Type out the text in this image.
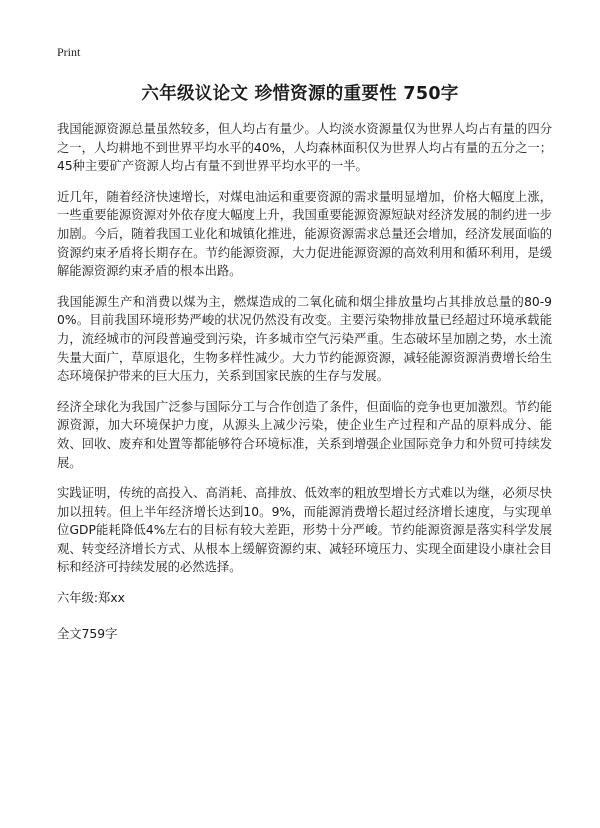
Print
六年级议论文 珍惜资源的重要性 750字

我国能源资源总量虽然较多，但人均占有量少。人均淡水资源量仅为世界人均占有量的四分之一，人均耕地不到世界平均水平的40%，人均森林面积仅为世界人均占有量的五分之一；45种主要矿产资源人均占有量不到世界平均水平的一半。

近几年，随着经济快速增长，对煤电油运和重要资源的需求量明显增加，价格大幅度上涨，一些重要能源资源对外依存度大幅度上升，我国重要能源资源短缺对经济发展的制约进一步加剧。今后，随着我国工业化和城镇化推进，能源资源需求总量还会增加，经济发展面临的资源约束矛盾将长期存在。节约能源资源，大力促进能源资源的高效利用和循环利用，是缓解能源资源约束矛盾的根本出路。

我国能源生产和消费以煤为主，燃煤造成的二氧化硫和烟尘排放量均占其排放总量的80-90%。目前我国环境形势严峻的状况仍然没有改变。主要污染物排放量已经超过环境承载能力，流经城市的河段普遍受到污染，许多城市空气污染严重。生态破坏呈加剧之势，水土流失量大面广，草原退化，生物多样性减少。大力节约能源资源，减轻能源资源消费增长给生态环境保护带来的巨大压力，关系到国家民族的生存与发展。

经济全球化为我国广泛参与国际分工与合作创造了条件，但面临的竞争也更加激烈。节约能源资源，加大环境保护力度，从源头上减少污染，使企业生产过程和产品的原料成分、能效、回收、废弃和处置等都能够符合环境标准，关系到增强企业国际竞争力和外贸可持续发展。

实践证明，传统的高投入、高消耗、高排放、低效率的粗放型增长方式难以为继，必须尽快加以扭转。但上半年经济增长达到10。9%，而能源消费增长超过经济增长速度，与实现单位GDP能耗降低4%左右的目标有较大差距，形势十分严峻。节约能源资源是落实科学发展观、转变经济增长方式、从根本上缓解资源约束、减轻环境压力、实现全面建设小康社会目标和经济可持续发展的必然选择。

六年级:郑xx

全文759字
